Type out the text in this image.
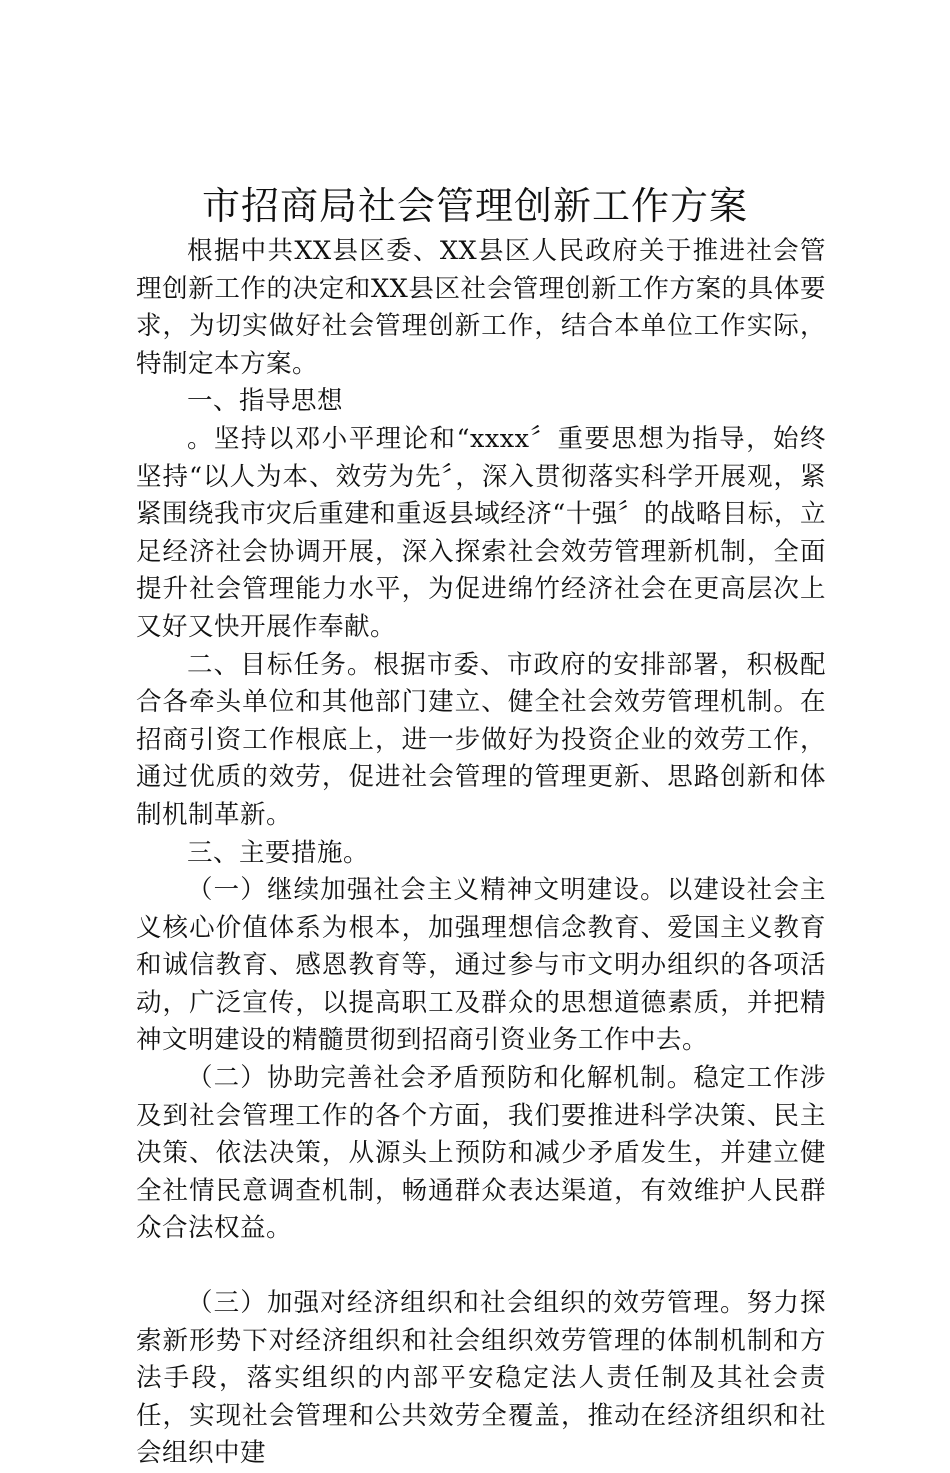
市招商局社会管理创新工作方案

根据中共XX县区委、XX县区人民政府关于推进社会管理创新工作的决定和XX县区社会管理创新工作方案的具体要求，为切实做好社会管理创新工作，结合本单位工作实际，特制定本方案。

一、指导思想

。坚持以邓小平理论和“xxxx〞重要思想为指导，始终坚持“以人为本、效劳为先〞，深入贯彻落实科学开展观，紧紧围绕我市灾后重建和重返县域经济“十强〞的战略目标，立足经济社会协调开展，深入探索社会效劳管理新机制，全面提升社会管理能力水平，为促进绵竹经济社会在更高层次上又好又快开展作奉献。

二、目标任务。根据市委、市政府的安排部署，积极配合各牵头单位和其他部门建立、健全社会效劳管理机制。在招商引资工作根底上，进一步做好为投资企业的效劳工作，通过优质的效劳，促进社会管理的管理更新、思路创新和体制机制革新。

三、主要措施。

（一）继续加强社会主义精神文明建设。以建设社会主义核心价值体系为根本，加强理想信念教育、爱国主义教育和诚信教育、感恩教育等，通过参与市文明办组织的各项活动，广泛宣传，以提高职工及群众的思想道德素质，并把精神文明建设的精髓贯彻到招商引资业务工作中去。

（二）协助完善社会矛盾预防和化解机制。稳定工作涉及到社会管理工作的各个方面，我们要推进科学决策、民主决策、依法决策，从源头上预防和减少矛盾发生，并建立健全社情民意调查机制，畅通群众表达渠道，有效维护人民群众合法权益。

（三）加强对经济组织和社会组织的效劳管理。努力探索新形势下对经济组织和社会组织效劳管理的体制机制和方法手段，落实组织的内部平安稳定法人责任制及其社会责任，实现社会管理和公共效劳全覆盖，推动在经济组织和社会组织中建
